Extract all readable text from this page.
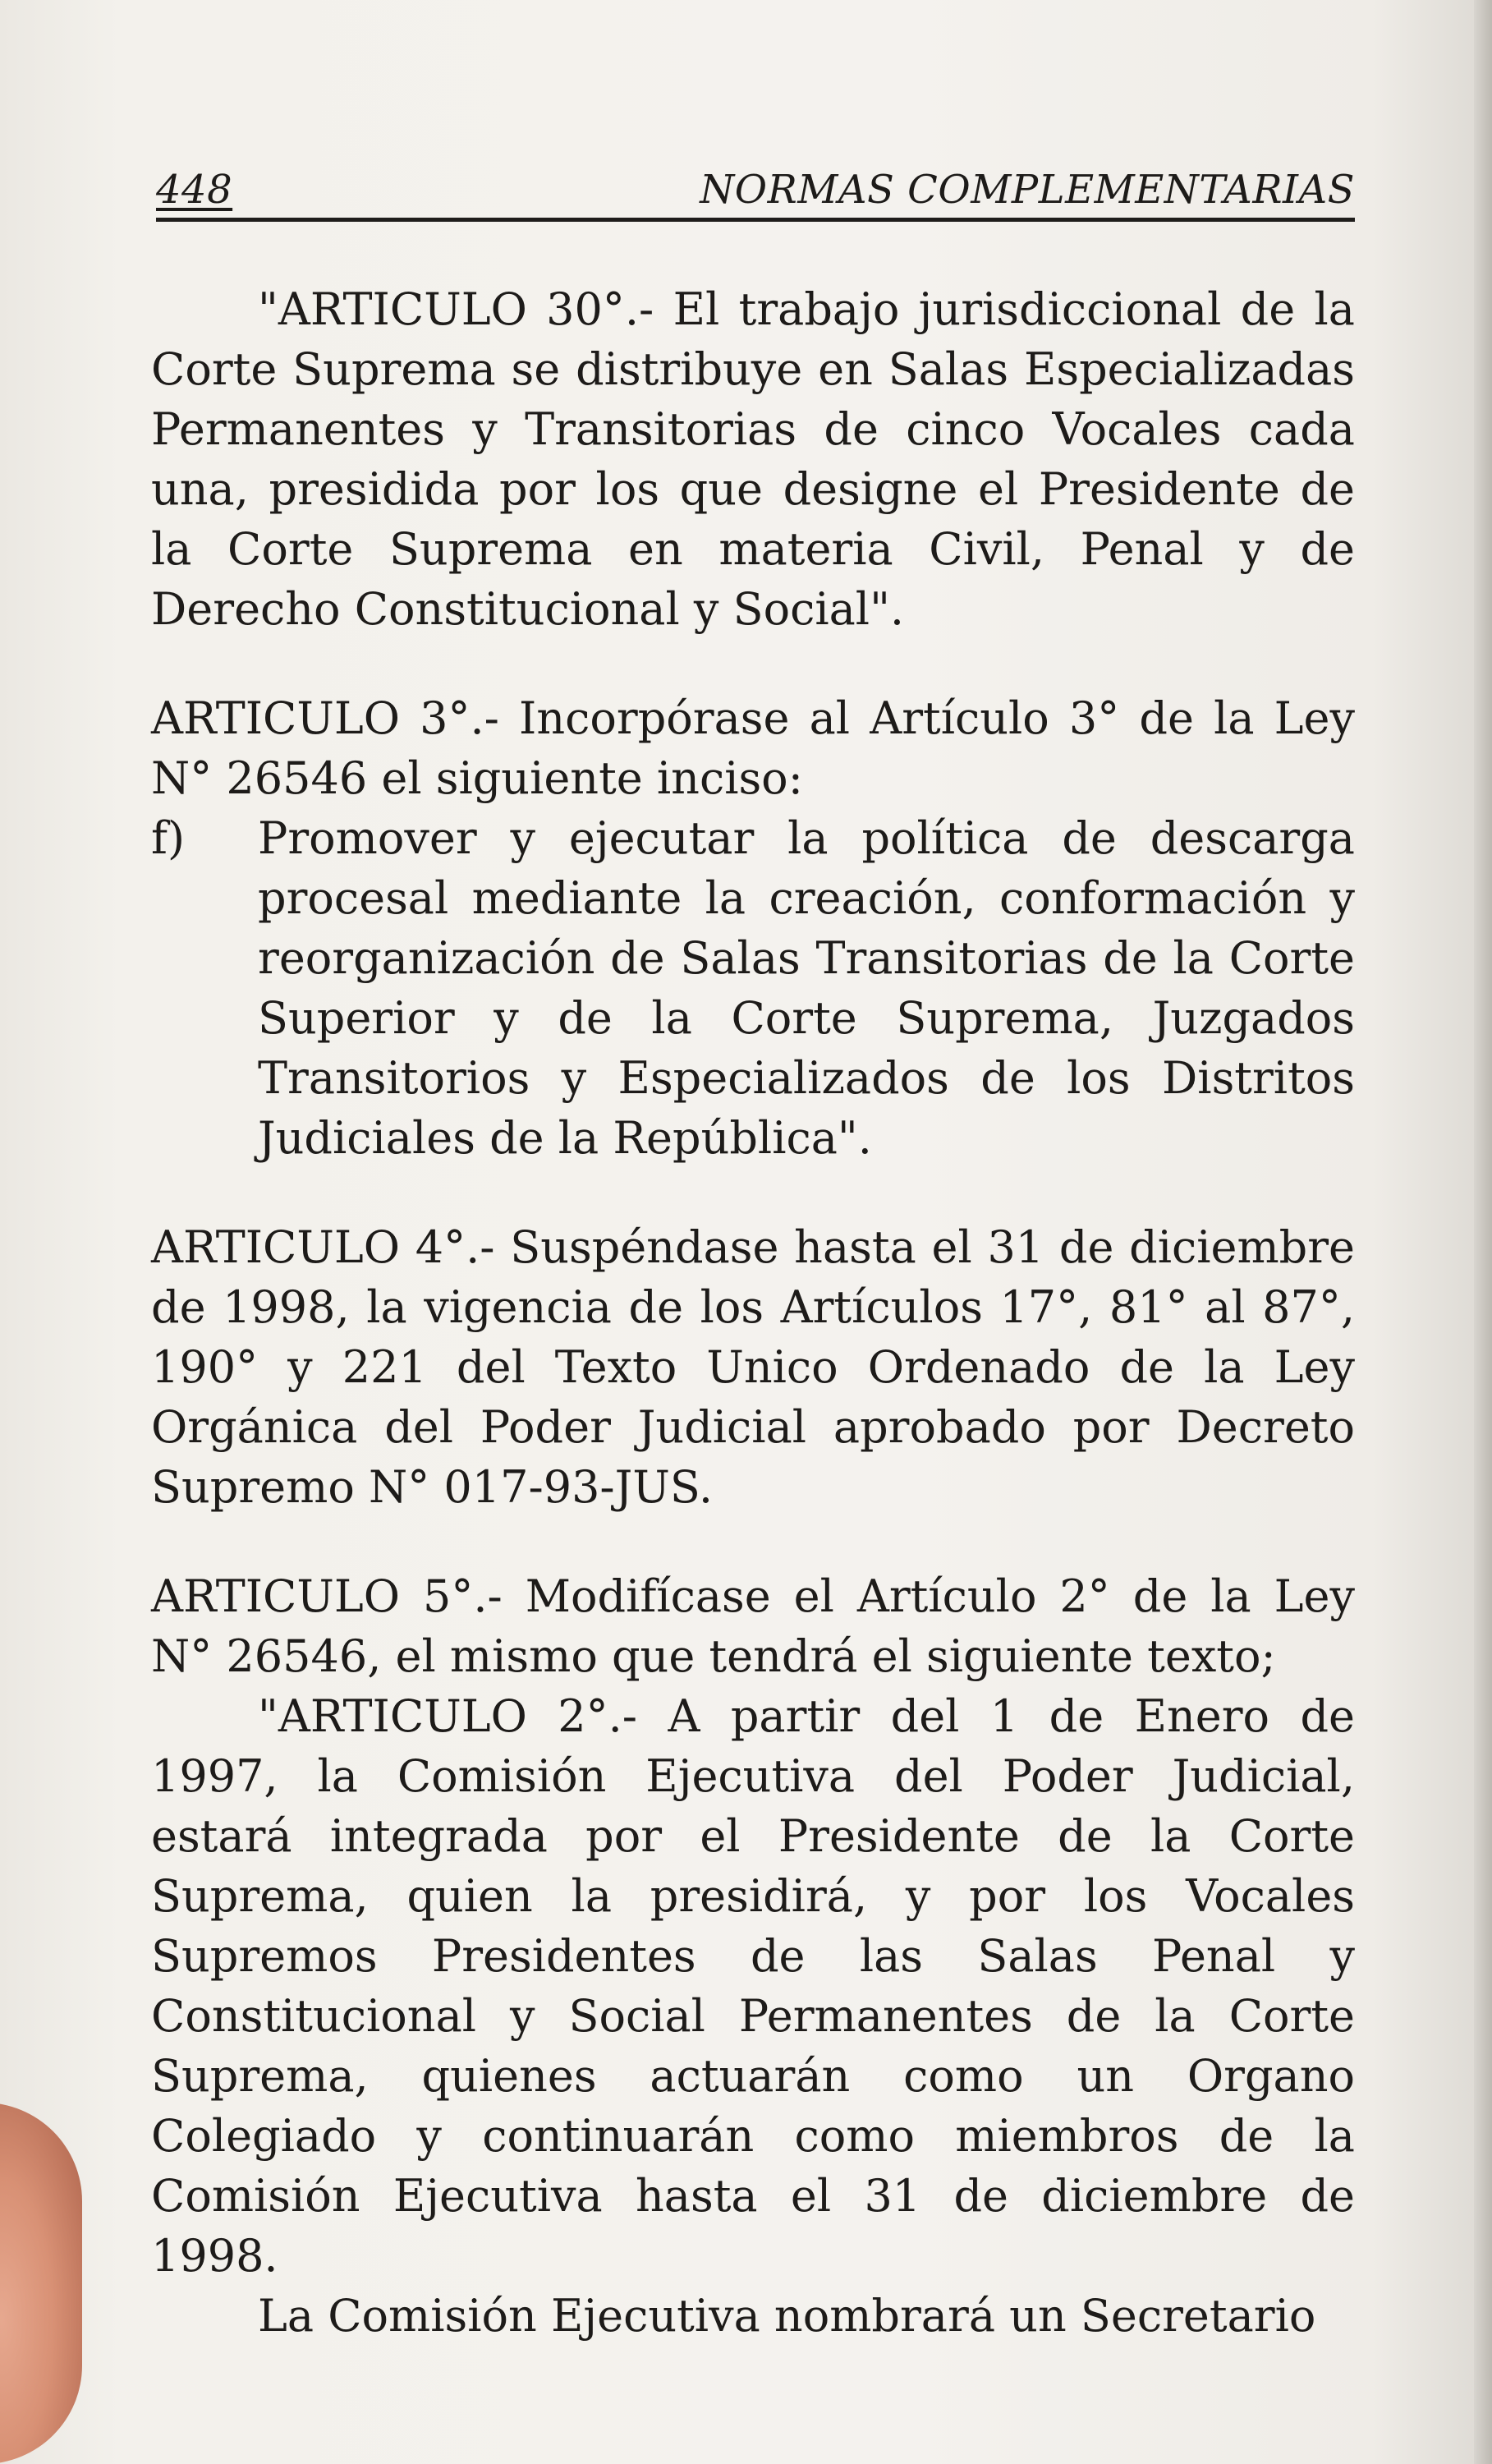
448	NORMAS COMPLEMENTARIAS

"ARTICULO 30°.- El trabajo jurisdiccional de la Corte Suprema se distribuye en Salas Especializadas Permanentes y Transitorias de cinco Vocales cada una, presidida por los que designe el Presidente de la Corte Suprema en materia Civil, Penal y de Derecho Constitucional y Social".

ARTICULO 3°.- Incorpórase al Artículo 3° de la Ley N° 26546 el siguiente inciso:

f)	Promover y ejecutar la política de descarga procesal mediante la creación, conformación y reorganización de Salas Transitorias de la Corte Superior y de la Corte Suprema, Juzgados Transitorios y Especializados de los Distritos Judiciales de la República".

ARTICULO 4°.- Suspéndase hasta el 31 de diciembre de 1998, la vigencia de los Artículos 17°, 81° al 87°, 190° y 221 del Texto Unico Ordenado de la Ley Orgánica del Poder Judicial aprobado por Decreto Supremo N° 017-93-JUS.

ARTICULO 5°.- Modifícase el Artículo 2° de la Ley N° 26546, el mismo que tendrá el siguiente texto;

"ARTICULO 2°.- A partir del 1 de Enero de 1997, la Comisión Ejecutiva del Poder Judicial, estará integrada por el Presidente de la Corte Suprema, quien la presidirá, y por los Vocales Supremos Presidentes de las Salas Penal y Constitucional y Social Permanentes de la Corte Suprema, quienes actuarán como un Organo Colegiado y continuarán como miembros de la Comisión Ejecutiva hasta el 31 de diciembre de 1998.

La Comisión Ejecutiva nombrará un Secretario
